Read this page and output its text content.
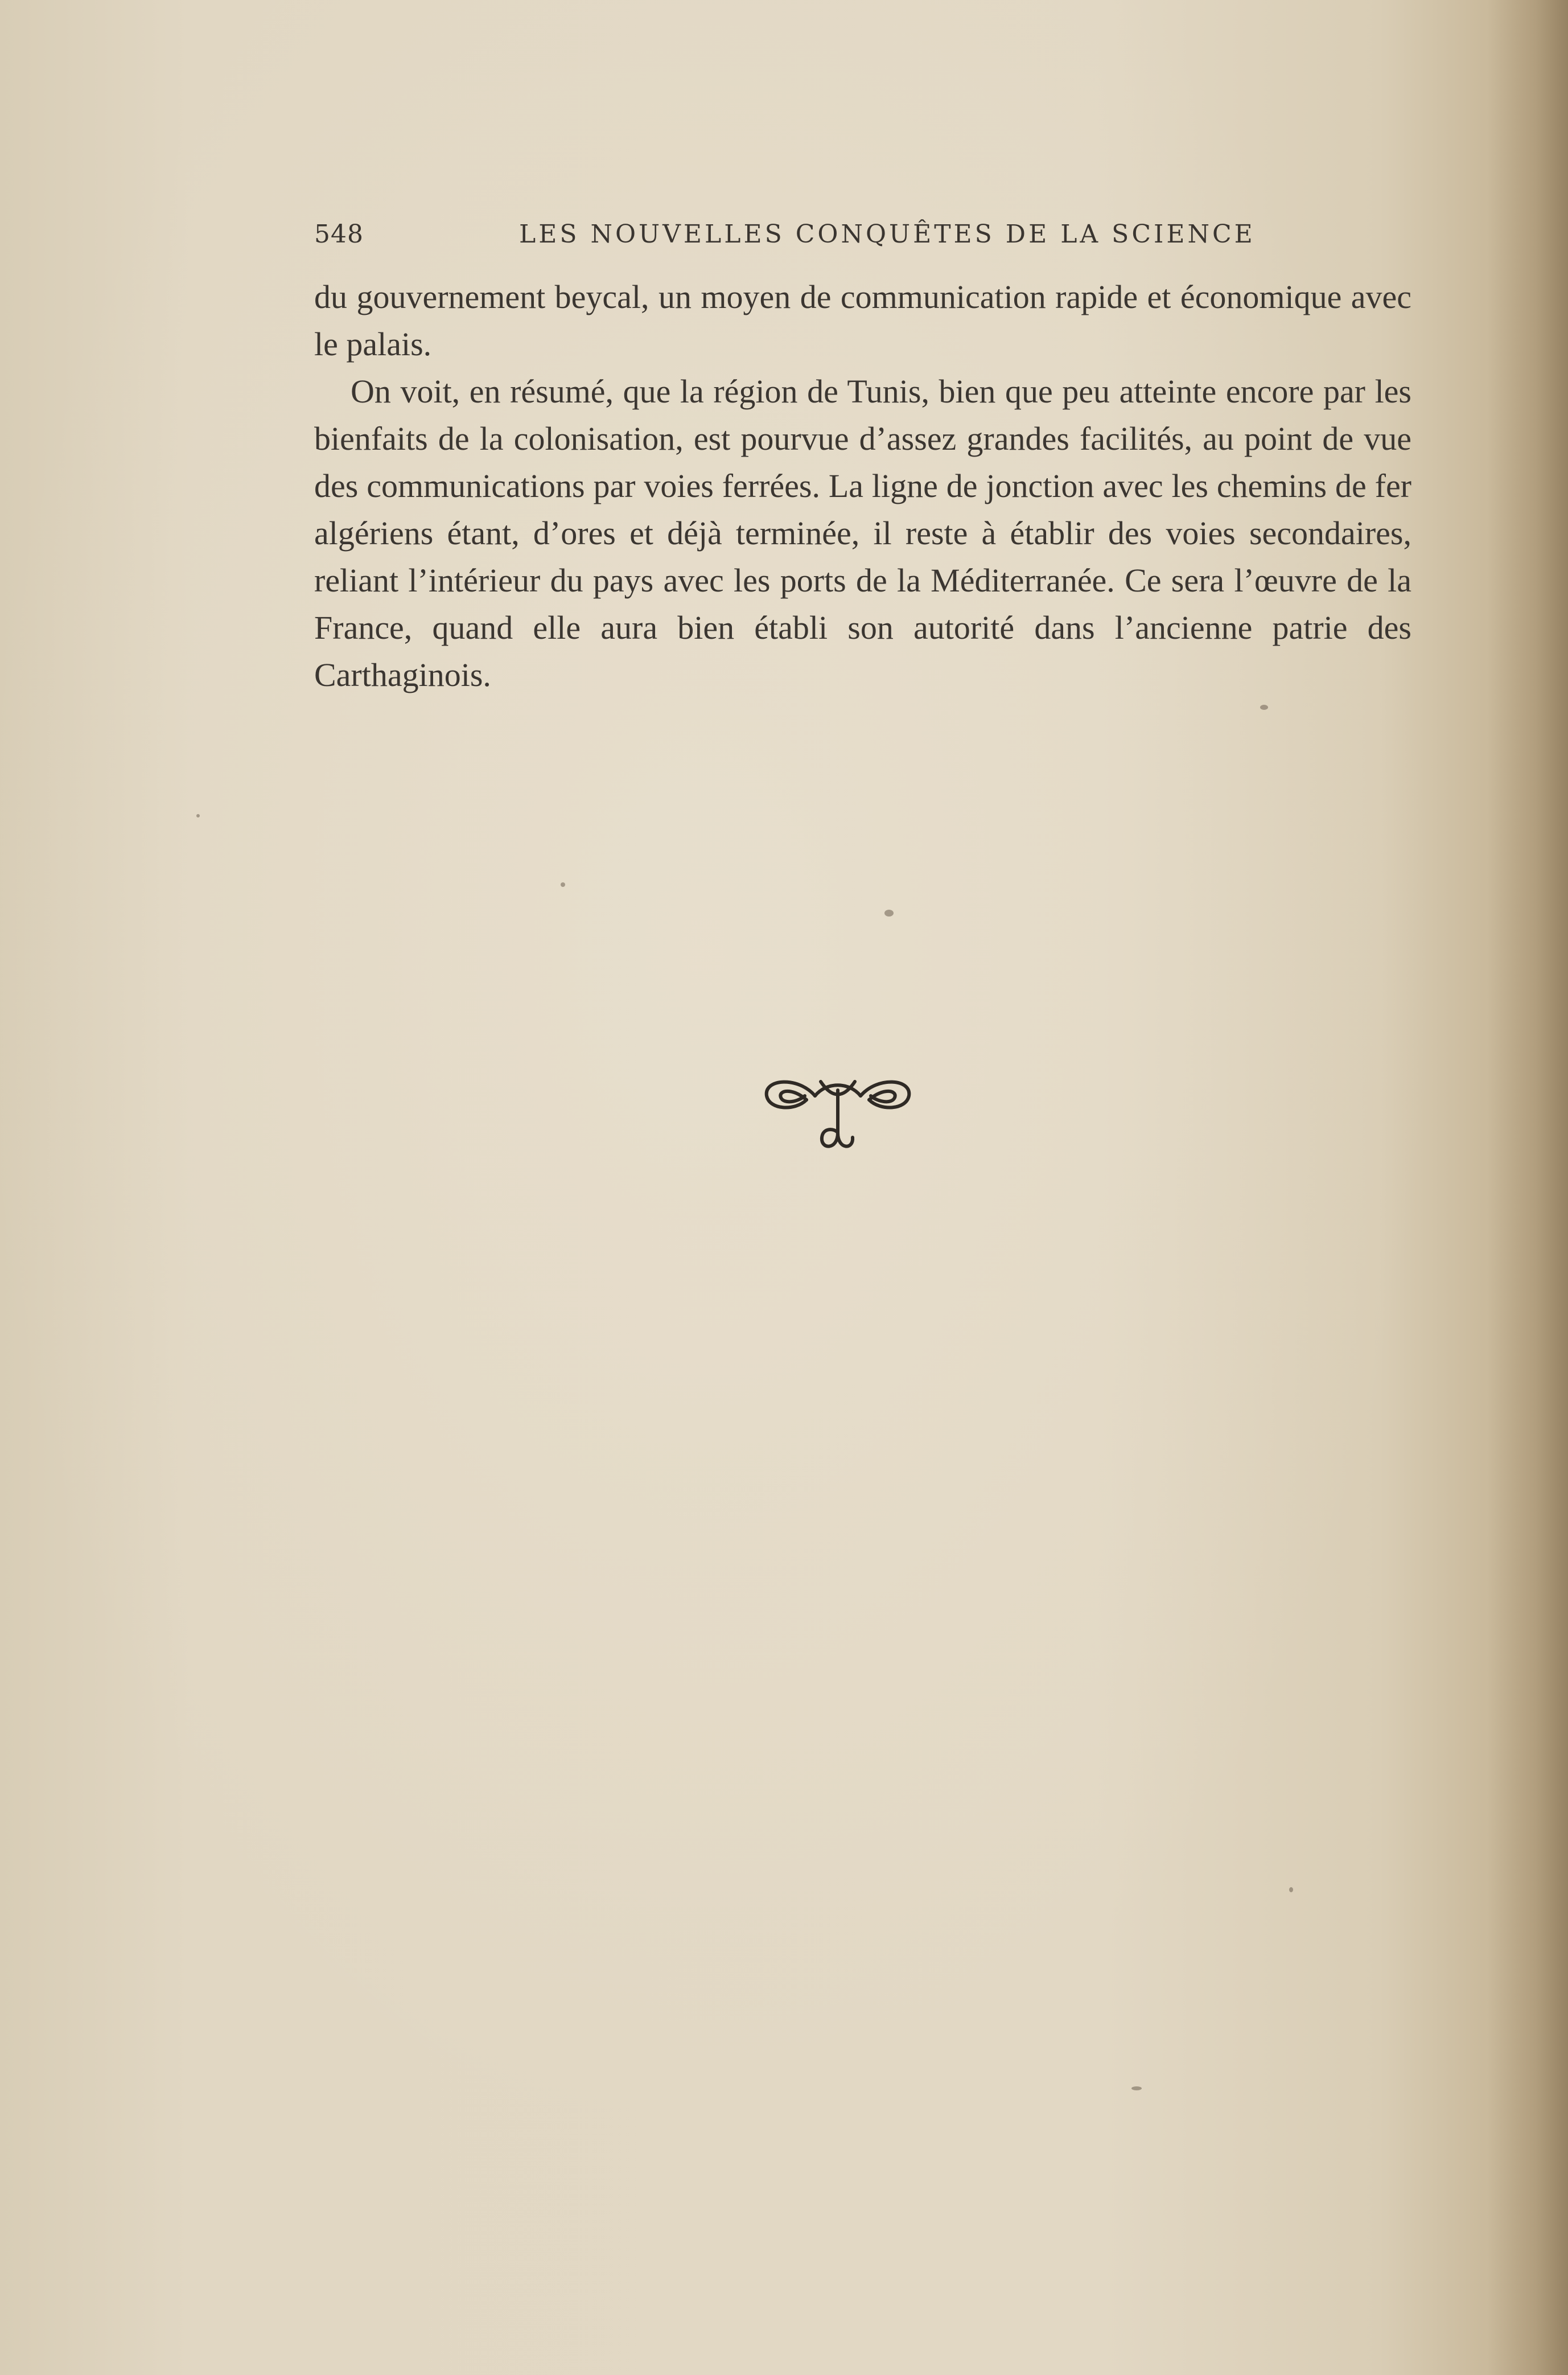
548	LES NOUVELLES CONQUÊTES DE LA SCIENCE

du gouvernement beycal, un moyen de communication rapide et économique avec le palais.

On voit, en résumé, que la région de Tunis, bien que peu atteinte encore par les bienfaits de la colonisation, est pourvue d’assez grandes facilités, au point de vue des communications par voies ferrées. La ligne de jonction avec les chemins de fer algériens étant, d’ores et déjà terminée, il reste à établir des voies secondaires, reliant l’intérieur du pays avec les ports de la Méditerranée. Ce sera l’œuvre de la France, quand elle aura bien établi son autorité dans l’ancienne patrie des Carthaginois.
